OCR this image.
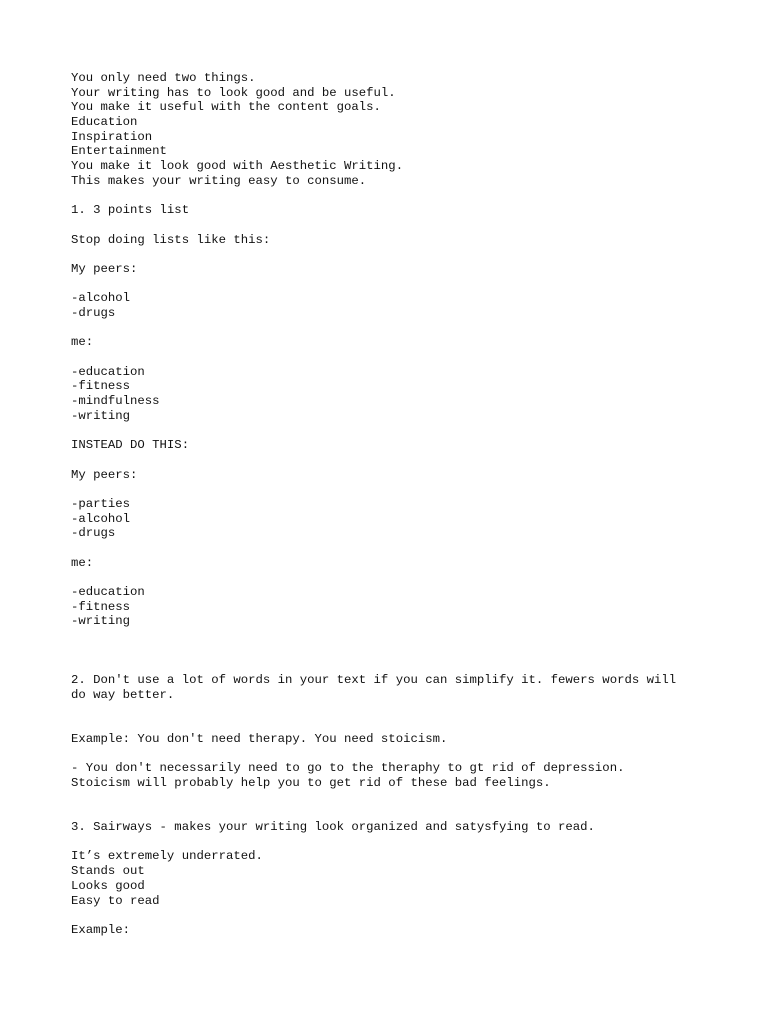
You only need two things.
Your writing has to look good and be useful.
You make it useful with the content goals.
Education
Inspiration
Entertainment
You make it look good with Aesthetic Writing.
This makes your writing easy to consume.
1. 3 points list
Stop doing lists like this:
My peers:
-alcohol
-drugs
me:
-education
-fitness
-mindfulness
-writing
INSTEAD DO THIS:
My peers:
-parties
-alcohol
-drugs
me:
-education
-fitness
-writing
2. Don't use a lot of words in your text if you can simplify it. fewers words will
do way better.
Example: You don't need therapy. You need stoicism.
- You don't necessarily need to go to the theraphy to gt rid of depression.
Stoicism will probably help you to get rid of these bad feelings.
3. Sairways - makes your writing look organized and satysfying to read.
It’s extremely underrated.
Stands out
Looks good
Easy to read
Example:
